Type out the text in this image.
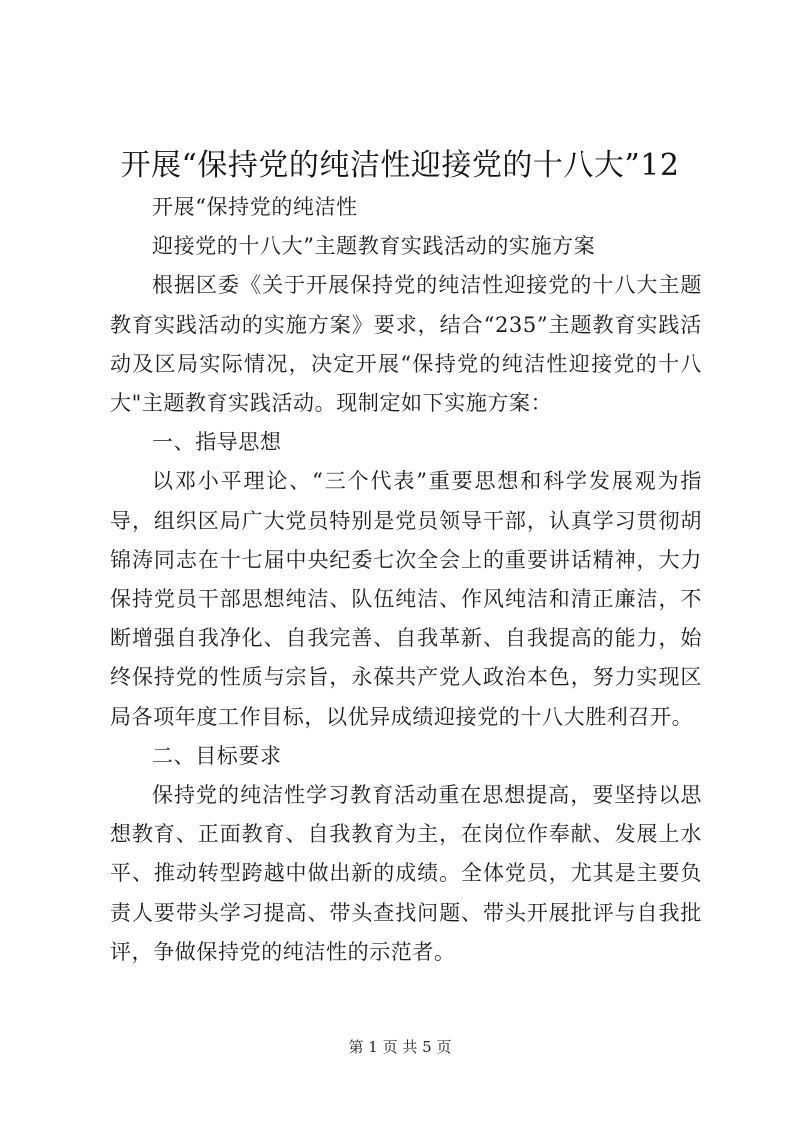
开展“保持党的纯洁性迎接党的十八大”12

开展“保持党的纯洁性

迎接党的十八大”主题教育实践活动的实施方案

根据区委《关于开展保持党的纯洁性迎接党的十八大主题教育实践活动的实施方案》要求，结合“235”主题教育实践活动及区局实际情况，决定开展“保持党的纯洁性迎接党的十八大"主题教育实践活动。现制定如下实施方案：

一、指导思想

以邓小平理论、“三个代表”重要思想和科学发展观为指导，组织区局广大党员特别是党员领导干部，认真学习贯彻胡锦涛同志在十七届中央纪委七次全会上的重要讲话精神，大力保持党员干部思想纯洁、队伍纯洁、作风纯洁和清正廉洁，不断增强自我净化、自我完善、自我革新、自我提高的能力，始终保持党的性质与宗旨，永葆共产党人政治本色，努力实现区局各项年度工作目标，以优异成绩迎接党的十八大胜利召开。

二、目标要求

保持党的纯洁性学习教育活动重在思想提高，要坚持以思想教育、正面教育、自我教育为主，在岗位作奉献、发展上水平、推动转型跨越中做出新的成绩。全体党员，尤其是主要负责人要带头学习提高、带头查找问题、带头开展批评与自我批评，争做保持党的纯洁性的示范者。

第 1 页 共 5 页
